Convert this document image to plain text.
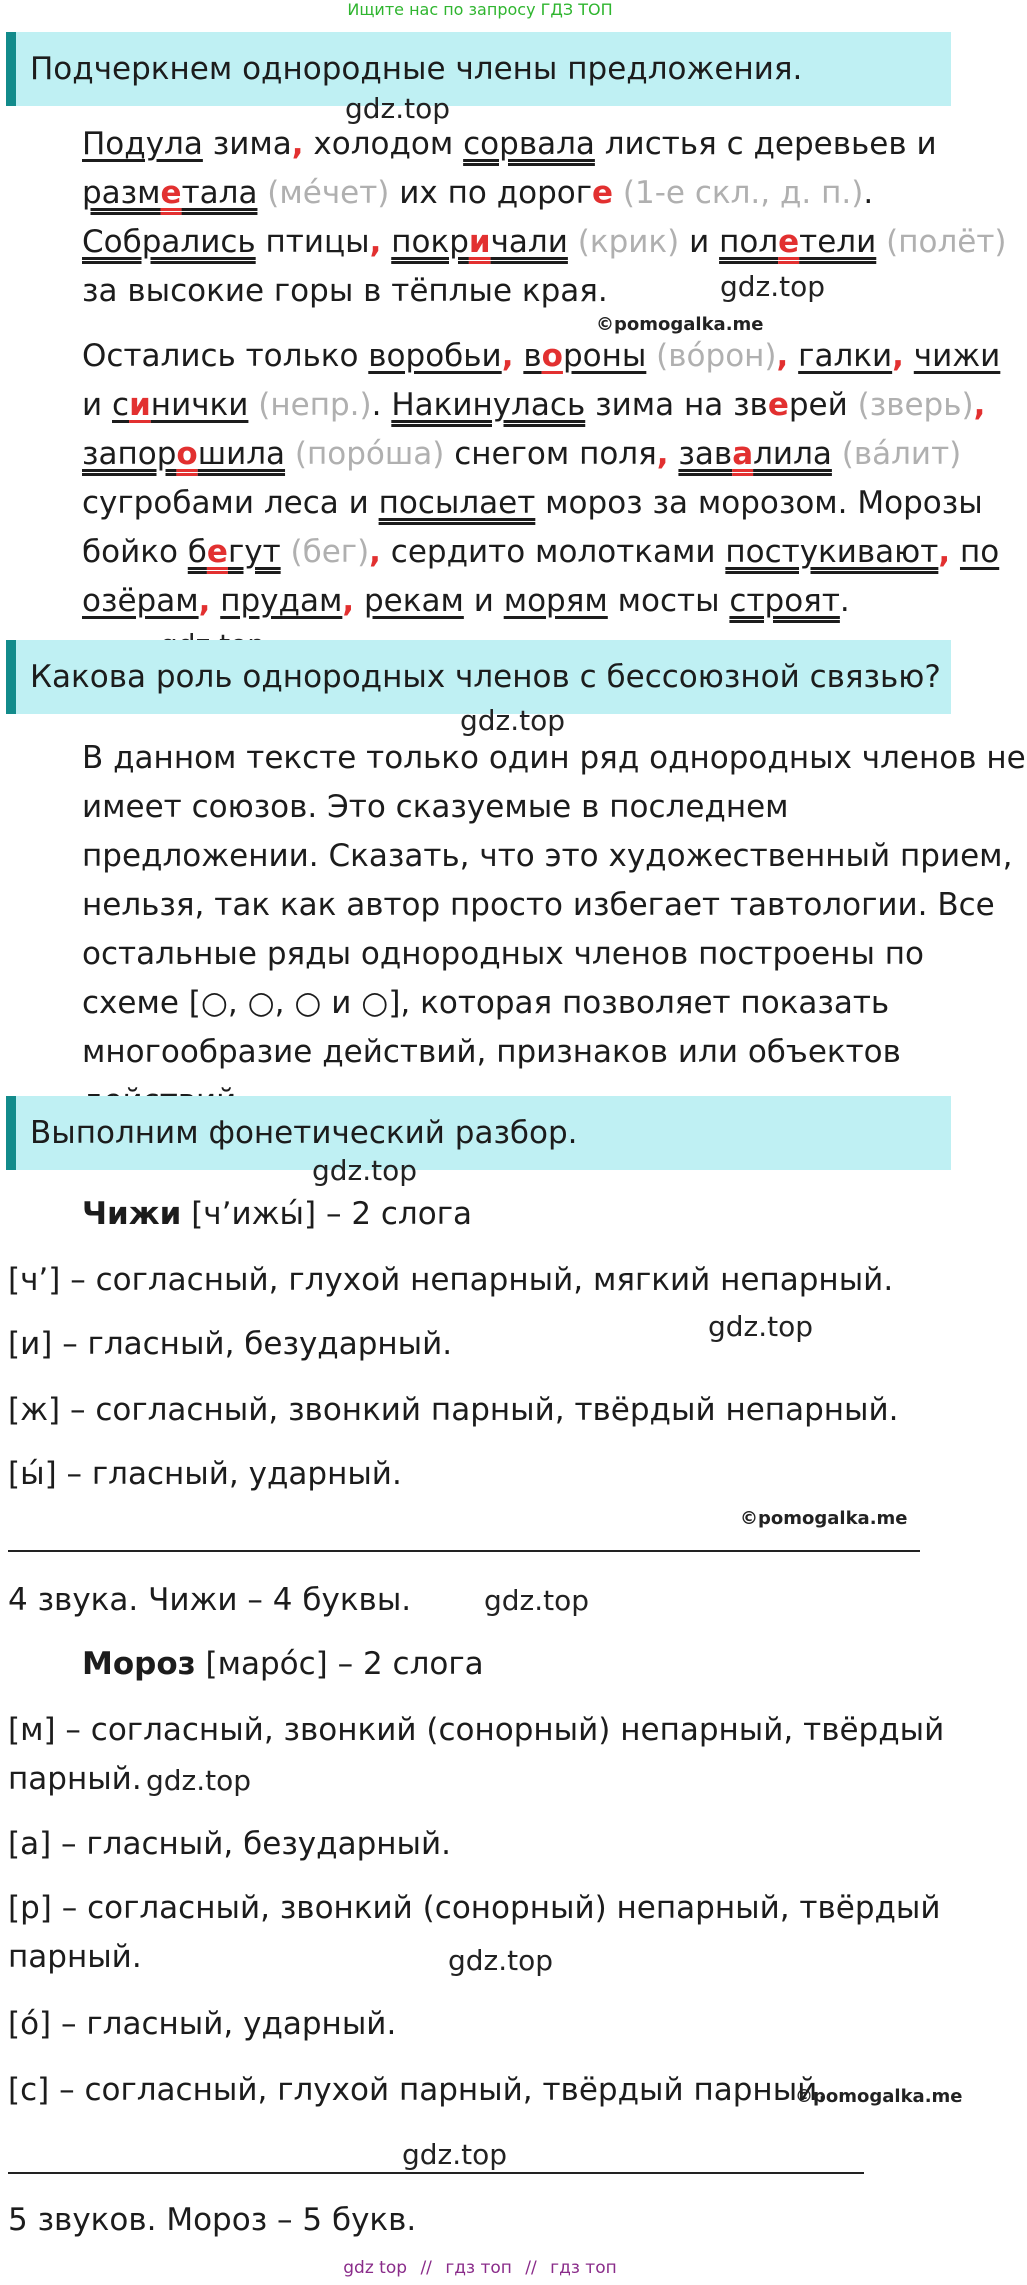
Ищите нас по запросу ГДЗ ТОП
Подчеркнем однородные члены предложения.
gdz.top
Подула зима, холодом сорвала листья с деревьев и разметала (ме́чет) их по дороге (1-е скл., д. п.). Собрались птицы, покричали (крик) и полетели (полёт) за высокие горы в тёплые края.	gdz.top
©pomogalka.me
Остались только воробьи, вороны (во́рон), галки, чижи и синички (непр.). Накинулась зима на зверей (зверь), запорошила (поро́ша) снегом поля, завалила (ва́лит) сугробами леса и посылает мороз за морозом. Морозы бойко бегут (бег), сердито молотками постукивают, по озёрам, прудам, рекам и морям мосты строят.
Какова роль однородных членов с бессоюзной связью?
gdz.top
В данном тексте только один ряд однородных членов не имеет союзов. Это сказуемые в последнем предложении. Сказать, что это художественный прием, нельзя, так как автор просто избегает тавтологии. Все остальные ряды однородных членов построены по схеме [○, ○, ○ и ○], которая позволяет показать многообразие действий, признаков или объектов
Выполним фонетический разбор.
gdz.top
Чижи [ч’ижы́] – 2 слога
[ч’] – согласный, глухой непарный, мягкий непарный.
[и] – гласный, безударный.	gdz.top
[ж] – согласный, звонкий парный, твёрдый непарный.
[ы́] – гласный, ударный.
©pomogalka.me
4 звука. Чижи – 4 буквы.	gdz.top
Мороз [маро́с] – 2 слога
[м] – согласный, звонкий (сонорный) непарный, твёрдый парный. gdz.top
[а] – гласный, безударный.
[р] – согласный, звонкий (сонорный) непарный, твёрдый парный.	gdz.top
[о́] – гласный, ударный.
[с] – согласный, глухой парный, твёрдый парный.
©pomogalka.me
gdz.top
5 звуков. Мороз – 5 букв.
gdz top // гдз топ // гдз топ
